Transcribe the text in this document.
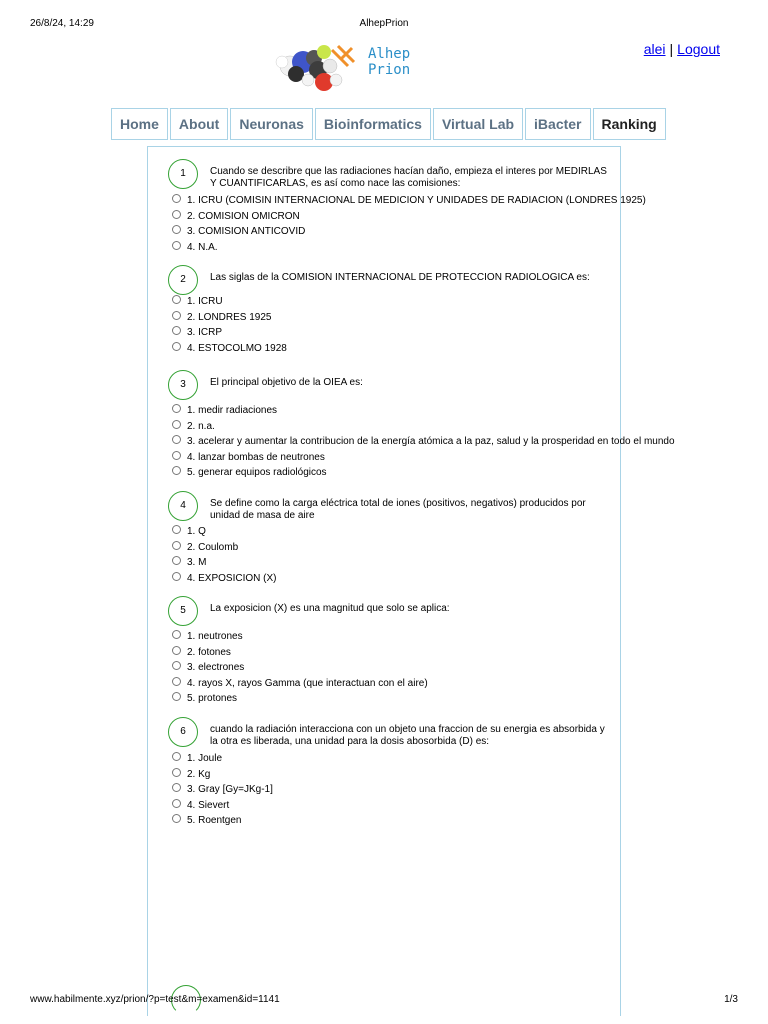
26/8/24, 14:29	AlhepPrion
Alhep
Prion
alei | Logout
Home	About	Neuronas	Bioinformatics	Virtual Lab	iBacter	Ranking
1	Cuando se describre que las radiaciones hacían daño, empieza el interes por MEDIRLAS Y CUANTIFICARLAS, es así como nace las comisiones:
1. ICRU (COMISIN INTERNACIONAL DE MEDICION Y UNIDADES DE RADIACION (LONDRES 1925)
2. COMISION OMICRON
3. COMISION ANTICOVID
4. N.A.
2	Las siglas de la COMISION INTERNACIONAL DE PROTECCION RADIOLOGICA es:
1. ICRU
2. LONDRES 1925
3. ICRP
4. ESTOCOLMO 1928
3	El principal objetivo de la OIEA es:
1. medir radiaciones
2. n.a.
3. acelerar y aumentar la contribucion de la energía atómica a la paz, salud y la prosperidad en todo el mundo
4. lanzar bombas de neutrones
5. generar equipos radiológicos
4	Se define como la carga eléctrica total de iones (positivos, negativos) producidos por unidad de masa de aire
1. Q
2. Coulomb
3. M
4. EXPOSICION (X)
5	La exposicion (X) es una magnitud que solo se aplica:
1. neutrones
2. fotones
3. electrones
4. rayos X, rayos Gamma (que interactuan con el aire)
5. protones
6	cuando la radiación interacciona con un objeto una fraccion de su energia es absorbida y la otra es liberada, una unidad para la dosis abosorbida (D) es:
1. Joule
2. Kg
3. Gray [Gy=JKg-1]
4. Sievert
5. Roentgen
www.habilmente.xyz/prion/?p=test&m=examen&id=1141	1/3
